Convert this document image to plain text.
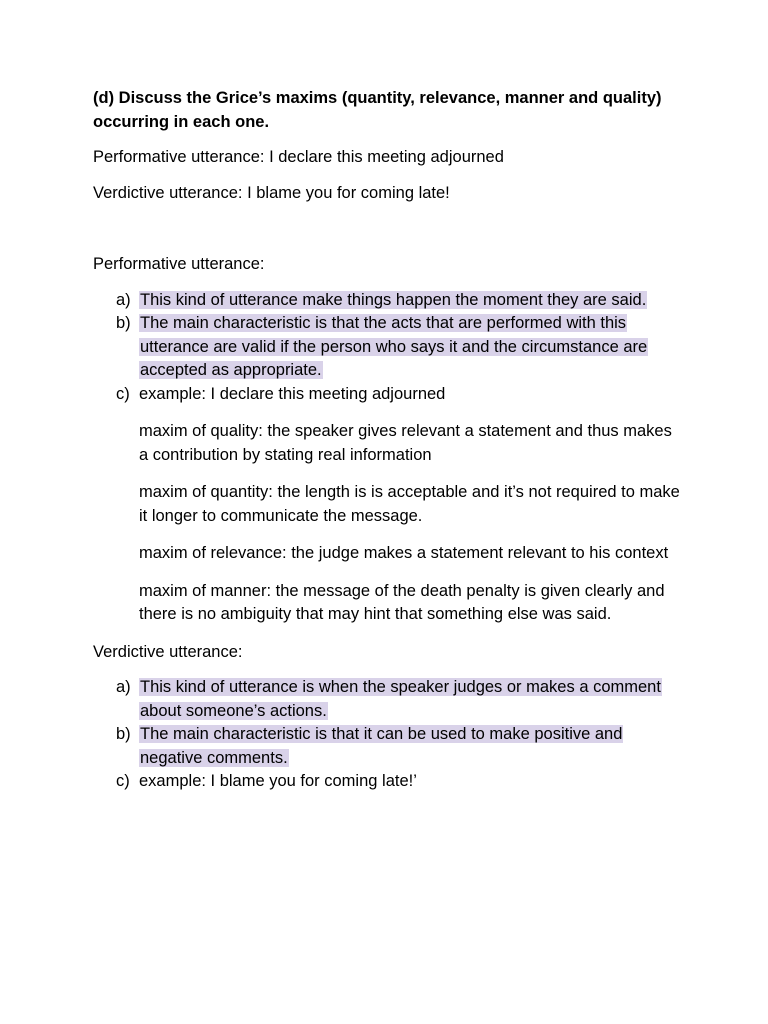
(d) Discuss the Grice’s maxims (quantity, relevance, manner and quality) occurring in each one.

Performative utterance: I declare this meeting adjourned

Verdictive utterance: I blame you for coming late!

Performative utterance:

a) This kind of utterance make things happen the moment they are said.
b) The main characteristic is that the acts that are performed with this utterance are valid if the person who says it and the circumstance are accepted as appropriate.
c) example: I declare this meeting adjourned

maxim of quality: the speaker gives relevant a statement and thus makes a contribution by stating real information

maxim of quantity: the length is is acceptable and it’s not required to make it longer to communicate the message.

maxim of relevance: the judge makes a statement relevant to his context

maxim of manner: the message of the death penalty is given clearly and there is no ambiguity that may hint that something else was said.

Verdictive utterance:

a) This kind of utterance is when the speaker judges or makes a comment about someone’s actions.
b) The main characteristic is that it can be used to make positive and negative comments.
c) example: I blame you for coming late!’
